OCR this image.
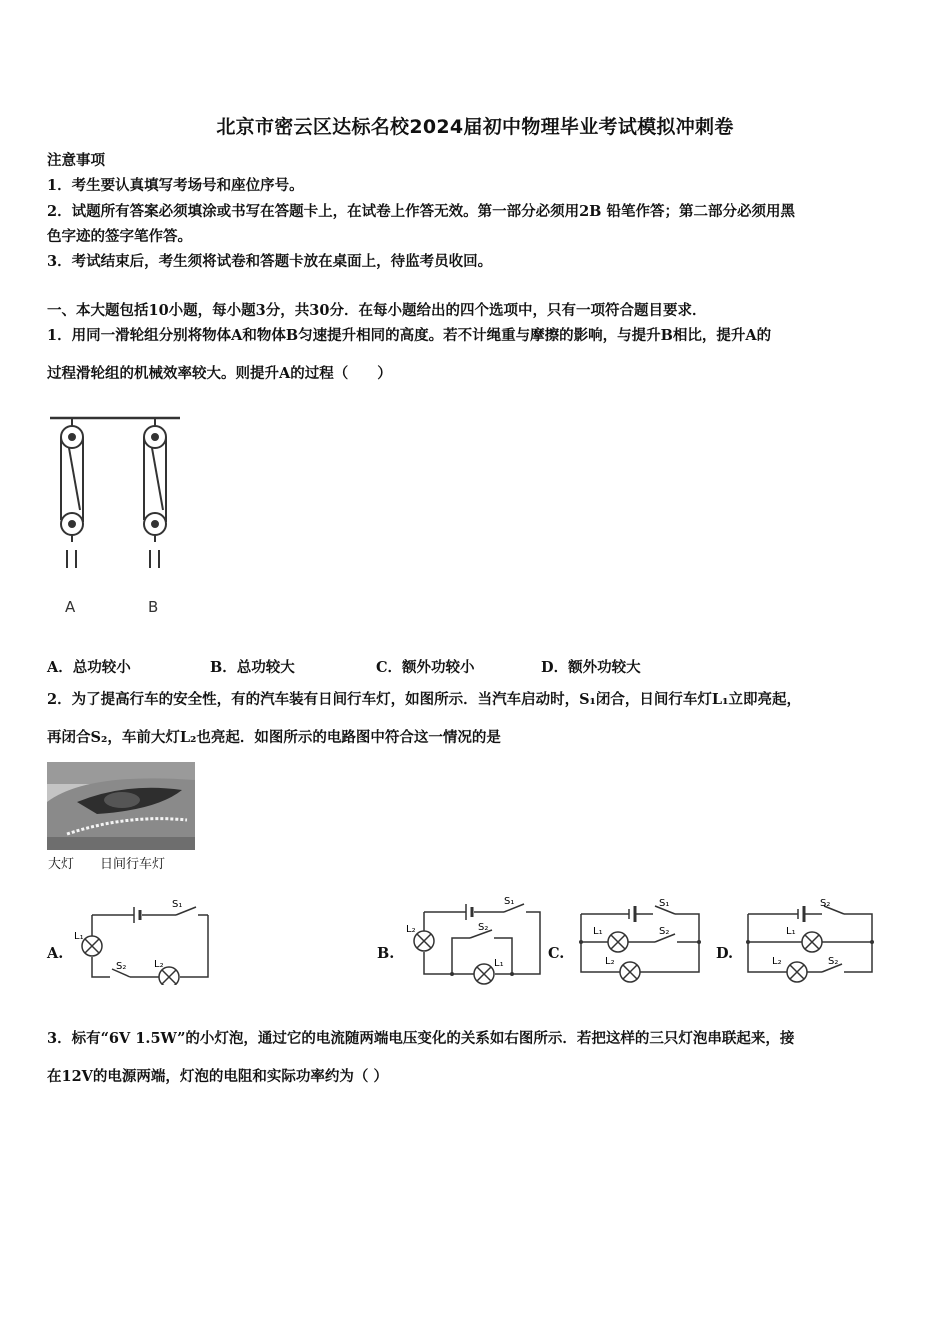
北京市密云区达标名校2024届初中物理毕业考试模拟冲刺卷
注意事项
1．考生要认真填写考场号和座位序号。
2．试题所有答案必须填涂或书写在答题卡上，在试卷上作答无效。第一部分必须用2B 铅笔作答；第二部分必须用黑
色字迹的签字笔作答。
3．考试结束后，考生须将试卷和答题卡放在桌面上，待监考员收回。
一、本大题包括10小题，每小题3分，共30分．在每小题给出的四个选项中，只有一项符合题目要求．
1．用同一滑轮组分别将物体A和物体B匀速提升相同的高度。若不计绳重与摩擦的影响，与提升B相比，提升A的
过程滑轮组的机械效率较大。则提升A的过程（　　）
A	B
A．总功较小	B．总功较大	C．额外功较小	D．额外功较大
2．为了提高行车的安全性，有的汽车装有日间行车灯，如图所示．当汽车启动时，S₁闭合，日间行车灯L₁立即亮起，
再闭合S₂，车前大灯L₂也亮起．如图所示的电路图中符合这一情况的是
大灯 日间行车灯
A.
S₁
L₁
S₂	L₂
B.
S₁
L₂	S₂
L₁
C.
S₁
L₁	S₂
L₂	D.
S₂
L₁
S₂
L₂
3．标有“6V 1.5W”的小灯泡，通过它的电流随两端电压变化的关系如右图所示．若把这样的三只灯泡串联起来，接
在12V的电源两端，灯泡的电阻和实际功率约为（ ）
